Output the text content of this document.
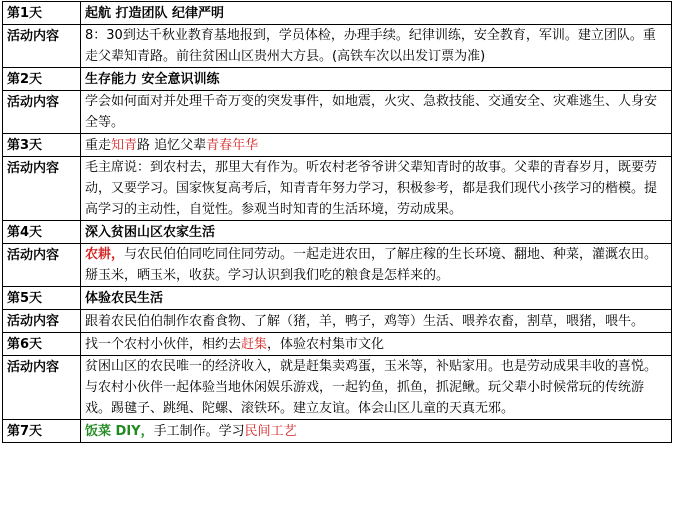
第1天	起航 打造团队 纪律严明
活动内容	8：30到达千秋业教育基地报到，学员体检，办理手续。纪律训练，安全教育，军训。建立团队。重走父辈知青路。前往贫困山区贵州大方县。(高铁车次以出发订票为准)
第2天	生存能力 安全意识训练
活动内容	学会如何面对并处理千奇万变的突发事件，如地震，火灾、急救技能、交通安全、灾难逃生、人身安全等。
第3天	重走知青路 追忆父辈青春年华
活动内容	毛主席说：到农村去，那里大有作为。听农村老爷爷讲父辈知青时的故事。父辈的青春岁月，既要劳动，又要学习。国家恢复高考后，知青青年努力学习，积极参考，都是我们现代小孩学习的楷模。提高学习的主动性，自觉性。参观当时知青的生活环境，劳动成果。
第4天	深入贫困山区农家生活
活动内容	农耕，与农民伯伯同吃同住同劳动。一起走进农田，了解庄稼的生长环境、翻地、种菜，灌溉农田。掰玉米，晒玉米，收获。学习认识到我们吃的粮食是怎样来的。
第5天	体验农民生活
活动内容	跟着农民伯伯制作农畜食物、了解（猪，羊，鸭子，鸡等）生活、喂养农畜，割草，喂猪，喂牛。
第6天	找一个农村小伙伴，相约去赶集，体验农村集市文化
活动内容	贫困山区的农民唯一的经济收入，就是赶集卖鸡蛋，玉米等，补贴家用。也是劳动成果丰收的喜悦。与农村小伙伴一起体验当地休闲娱乐游戏，一起钓鱼，抓鱼，抓泥鳅。玩父辈小时候常玩的传统游戏。踢毽子、跳绳、陀螺、滚铁环。建立友谊。体会山区儿童的天真无邪。
第7天	饭菜 DIY，手工制作。学习民间工艺
